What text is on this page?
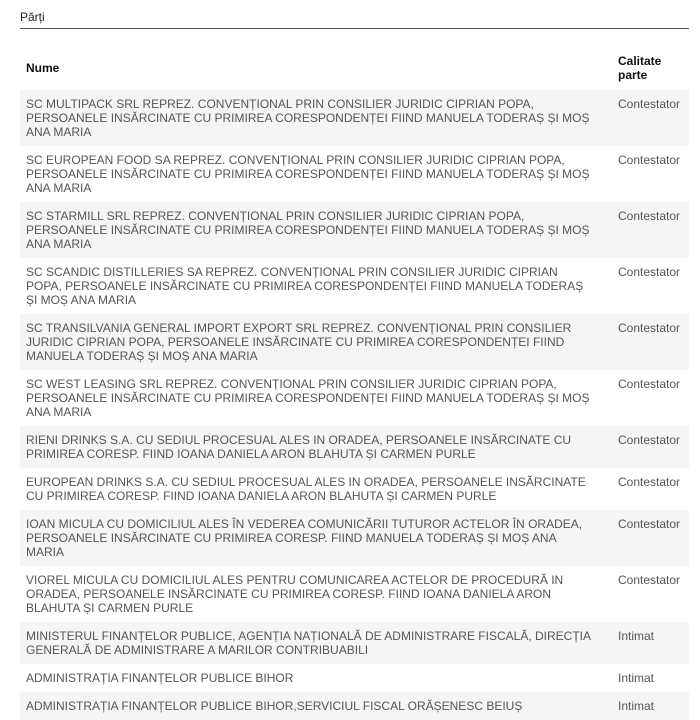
Părți
Nume	Calitate parte
SC MULTIPACK SRL REPREZ. CONVENȚIONAL PRIN CONSILIER JURIDIC CIPRIAN POPA, PERSOANELE INSĂRCINATE CU PRIMIREA CORESPONDENȚEI FIIND MANUELA TODERAȘ ȘI MOȘ ANA MARIA	Contestator
SC EUROPEAN FOOD SA REPREZ. CONVENȚIONAL PRIN CONSILIER JURIDIC CIPRIAN POPA, PERSOANELE INSĂRCINATE CU PRIMIREA CORESPONDENȚEI FIIND MANUELA TODERAȘ ȘI MOȘ ANA MARIA	Contestator
SC STARMILL SRL REPREZ. CONVENȚIONAL PRIN CONSILIER JURIDIC CIPRIAN POPA, PERSOANELE INSĂRCINATE CU PRIMIREA CORESPONDENȚEI FIIND MANUELA TODERAȘ ȘI MOȘ ANA MARIA	Contestator
SC SCANDIC DISTILLERIES SA REPREZ. CONVENȚIONAL PRIN CONSILIER JURIDIC CIPRIAN POPA, PERSOANELE INSĂRCINATE CU PRIMIREA CORESPONDENȚEI FIIND MANUELA TODERAȘ ȘI MOȘ ANA MARIA	Contestator
SC TRANSILVANIA GENERAL IMPORT EXPORT SRL REPREZ. CONVENȚIONAL PRIN CONSILIER JURIDIC CIPRIAN POPA, PERSOANELE INSĂRCINATE CU PRIMIREA CORESPONDENȚEI FIIND MANUELA TODERAȘ ȘI MOȘ ANA MARIA	Contestator
SC WEST LEASING SRL REPREZ. CONVENȚIONAL PRIN CONSILIER JURIDIC CIPRIAN POPA, PERSOANELE INSĂRCINATE CU PRIMIREA CORESPONDENȚEI FIIND MANUELA TODERAȘ ȘI MOȘ ANA MARIA	Contestator
RIENI DRINKS S.A. CU SEDIUL PROCESUAL ALES IN ORADEA, PERSOANELE INSĂRCINATE CU PRIMIREA CORESP. FIIND IOANA DANIELA ARON BLAHUTA ȘI CARMEN PURLE	Contestator
EUROPEAN DRINKS S.A. CU SEDIUL PROCESUAL ALES IN ORADEA, PERSOANELE INSĂRCINATE CU PRIMIREA CORESP. FIIND IOANA DANIELA ARON BLAHUTA ȘI CARMEN PURLE	Contestator
IOAN MICULA CU DOMICILIUL ALES ÎN VEDEREA COMUNICĂRII TUTUROR ACTELOR ÎN ORADEA, PERSOANELE INSĂRCINATE CU PRIMIREA CORESP. FIIND MANUELA TODERAȘ ȘI MOȘ ANA MARIA	Contestator
VIOREL MICULA CU DOMICILIUL ALES PENTRU COMUNICAREA ACTELOR DE PROCEDURĂ IN ORADEA, PERSOANELE INSĂRCINATE CU PRIMIREA CORESP. FIIND IOANA DANIELA ARON BLAHUTA ȘI CARMEN PURLE	Contestator
MINISTERUL FINANȚELOR PUBLICE, AGENȚIA NAȚIONALĂ DE ADMINISTRARE FISCALĂ, DIRECȚIA GENERALĂ DE ADMINISTRARE A MARILOR CONTRIBUABILI	Intimat
ADMINISTRAȚIA FINANȚELOR PUBLICE BIHOR	Intimat
ADMINISTRAȚIA FINANȚELOR PUBLICE BIHOR,SERVICIUL FISCAL ORĂȘENESC BEIUȘ	Intimat
